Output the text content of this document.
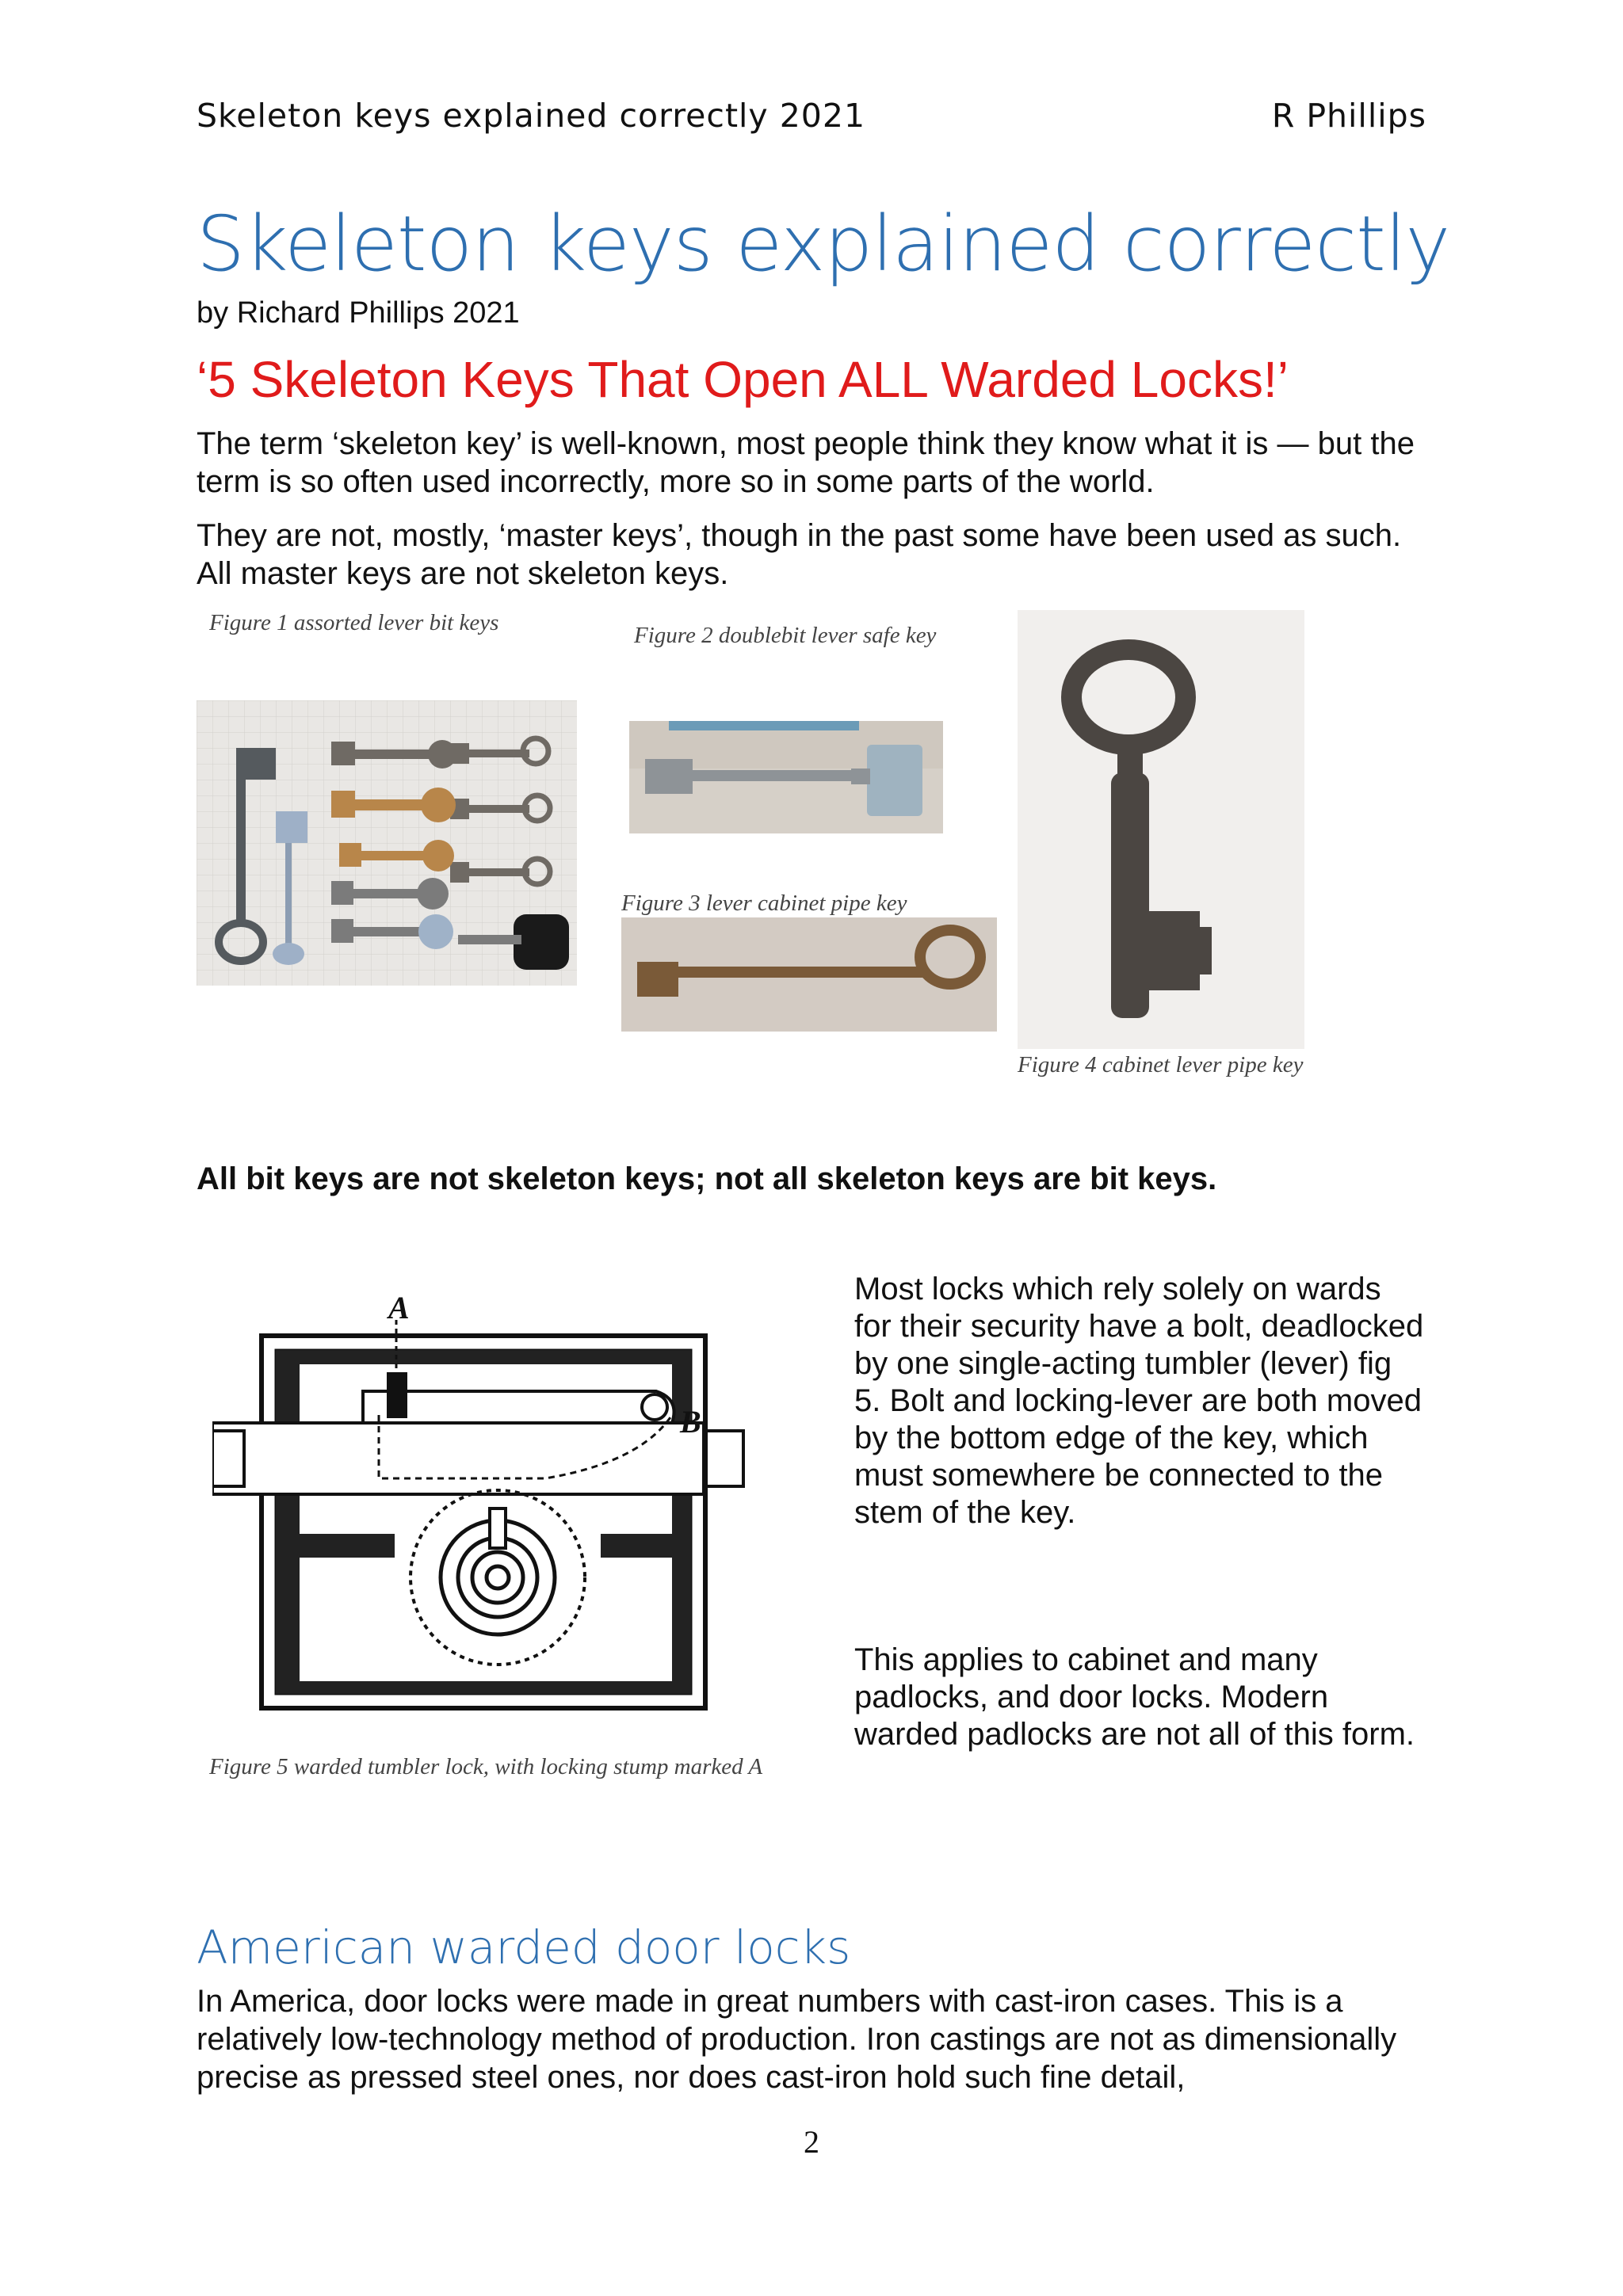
Skeleton keys explained correctly 2021	R Phillips
Skeleton keys explained correctly
by Richard Phillips 2021
‘5 Skeleton Keys That Open ALL Warded Locks!’
The term ‘skeleton key’ is well-known, most people think they know what it is — but the term is so often used incorrectly, more so in some parts of the world.
They are not, mostly, ‘master keys’, though in the past some have been used as such. All master keys are not skeleton keys.
Figure 1 assorted lever bit keys	Figure 2 doublebit lever safe key
Figure 3 lever cabinet pipe key
Figure 4 cabinet lever pipe key
All bit keys are not skeleton keys; not all skeleton keys are bit keys.
A
B
Figure 5 warded tumbler lock, with locking stump marked A
Most locks which rely solely on wards for their security have a bolt, deadlocked by one single-acting tumbler (lever) fig 5. Bolt and locking-lever are both moved by the bottom edge of the key, which must somewhere be connected to the stem of the key.
This applies to cabinet and many padlocks, and door locks. Modern warded padlocks are not all of this form.
American warded door locks
In America, door locks were made in great numbers with cast-iron cases. This is a relatively low-technology method of production. Iron castings are not as dimensionally precise as pressed steel ones, nor does cast-iron hold such fine detail,
2
